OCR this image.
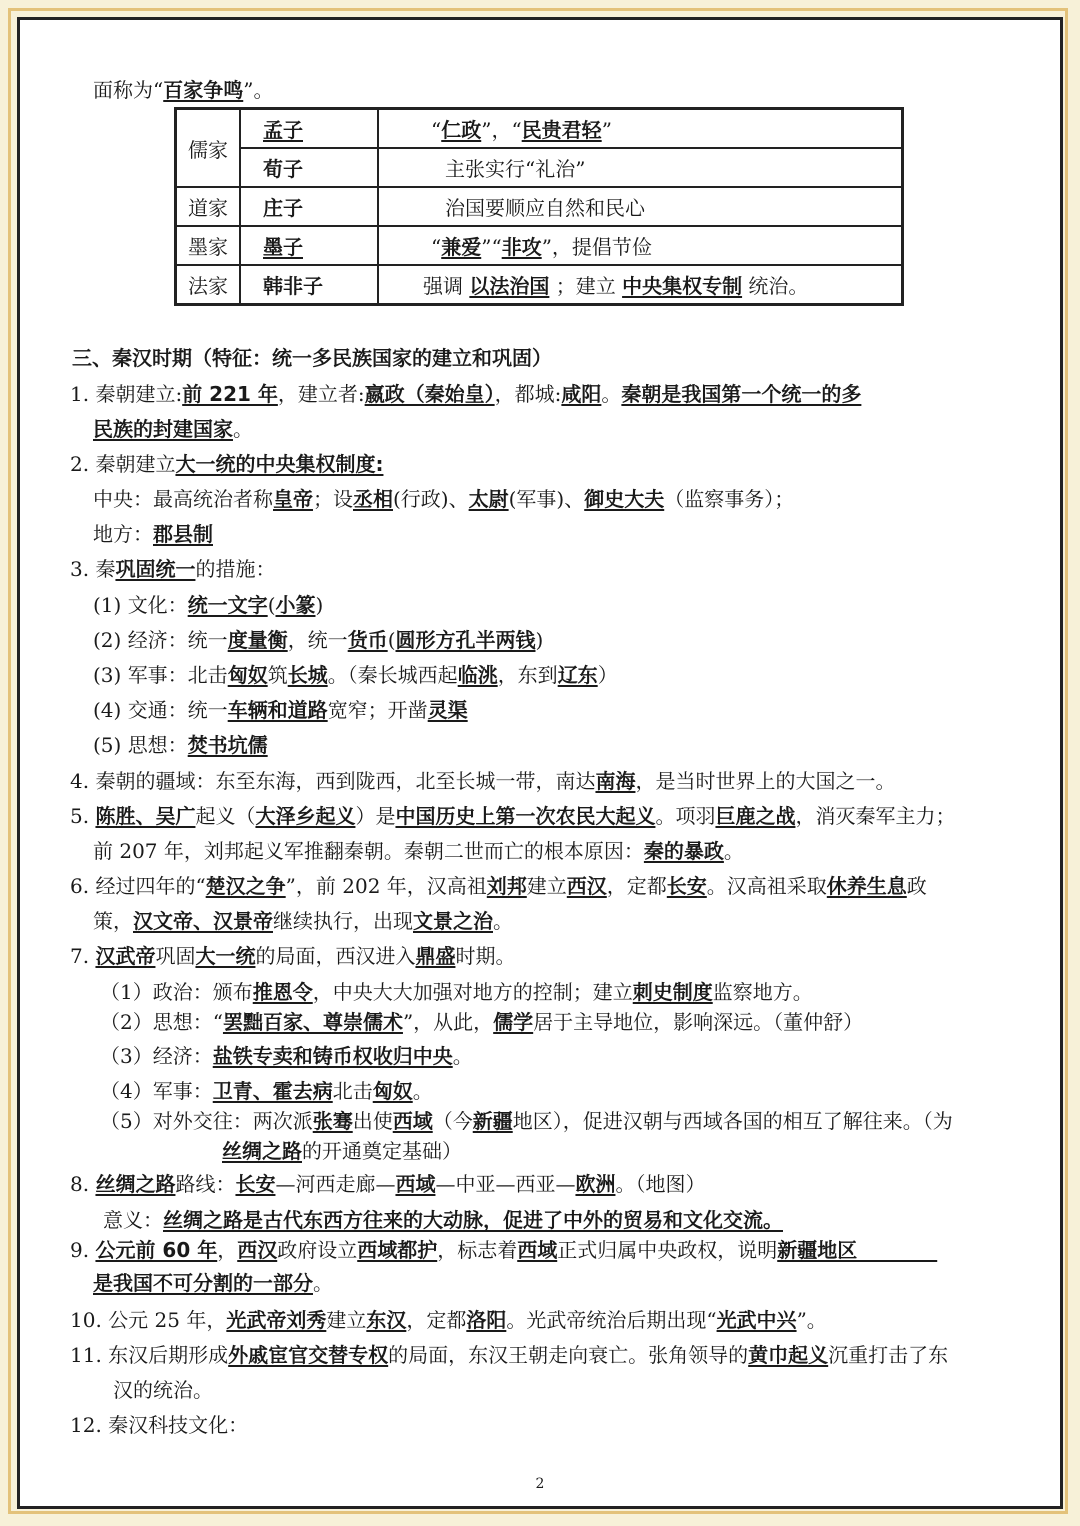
面称为“百家争鸣”。
儒家	孟子	“仁政”，“民贵君轻”
	荀子	主张实行“礼治”
道家	庄子	治国要顺应自然和民心
墨家	墨子	“兼爱”“非攻”，提倡节俭
法家	韩非子	强调 以法治国 ；建立 中央集权专制 统治。
三、秦汉时期（特征：统一多民族国家的建立和巩固）
1. 秦朝建立:前 221 年，建立者:嬴政（秦始皇），都城:咸阳。秦朝是我国第一个统一的多
民族的封建国家。
2. 秦朝建立大一统的中央集权制度:
中央：最高统治者称皇帝；设丞相(行政)、太尉(军事)、御史大夫（监察事务）；
地方：郡县制
3. 秦巩固统一的措施：
(1) 文化：统一文字(小篆)
(2) 经济：统一度量衡，统一货币(圆形方孔半两钱)
(3) 军事：北击匈奴筑长城。（秦长城西起临洮，东到辽东）
(4) 交通：统一车辆和道路宽窄；开凿灵渠
(5) 思想：焚书坑儒
4. 秦朝的疆域：东至东海，西到陇西，北至长城一带，南达南海，是当时世界上的大国之一。
5. 陈胜、吴广起义（大泽乡起义）是中国历史上第一次农民大起义。项羽巨鹿之战，消灭秦军主力；
前 207 年，刘邦起义军推翻秦朝。秦朝二世而亡的根本原因：秦的暴政。
6. 经过四年的“楚汉之争”，前 202 年，汉高祖刘邦建立西汉，定都长安。汉高祖采取休养生息政
策，汉文帝、汉景帝继续执行，出现文景之治。
7. 汉武帝巩固大一统的局面，西汉进入鼎盛时期。
（1）政治：颁布推恩令，中央大大加强对地方的控制；建立刺史制度监察地方。
（2）思想：“罢黜百家、尊崇儒术”，从此，儒学居于主导地位，影响深远。（董仲舒）
（3）经济：盐铁专卖和铸币权收归中央。
（4）军事：卫青、霍去病北击匈奴。
（5）对外交往：两次派张骞出使西域（今新疆地区），促进汉朝与西域各国的相互了解往来。（为
丝绸之路的开通奠定基础）
8. 丝绸之路路线：长安—河西走廊—西域—中亚—西亚—欧洲。（地图）
意义：丝绸之路是古代东西方往来的大动脉，促进了中外的贸易和文化交流。
9. 公元前 60 年，西汉政府设立西域都护，标志着西域正式归属中央政权，说明新疆地区　　　　
是我国不可分割的一部分。
10. 公元 25 年，光武帝刘秀建立东汉，定都洛阳。光武帝统治后期出现“光武中兴”。
11. 东汉后期形成外戚宦官交替专权的局面，东汉王朝走向衰亡。张角领导的黄巾起义沉重打击了东
汉的统治。
12. 秦汉科技文化：
2
